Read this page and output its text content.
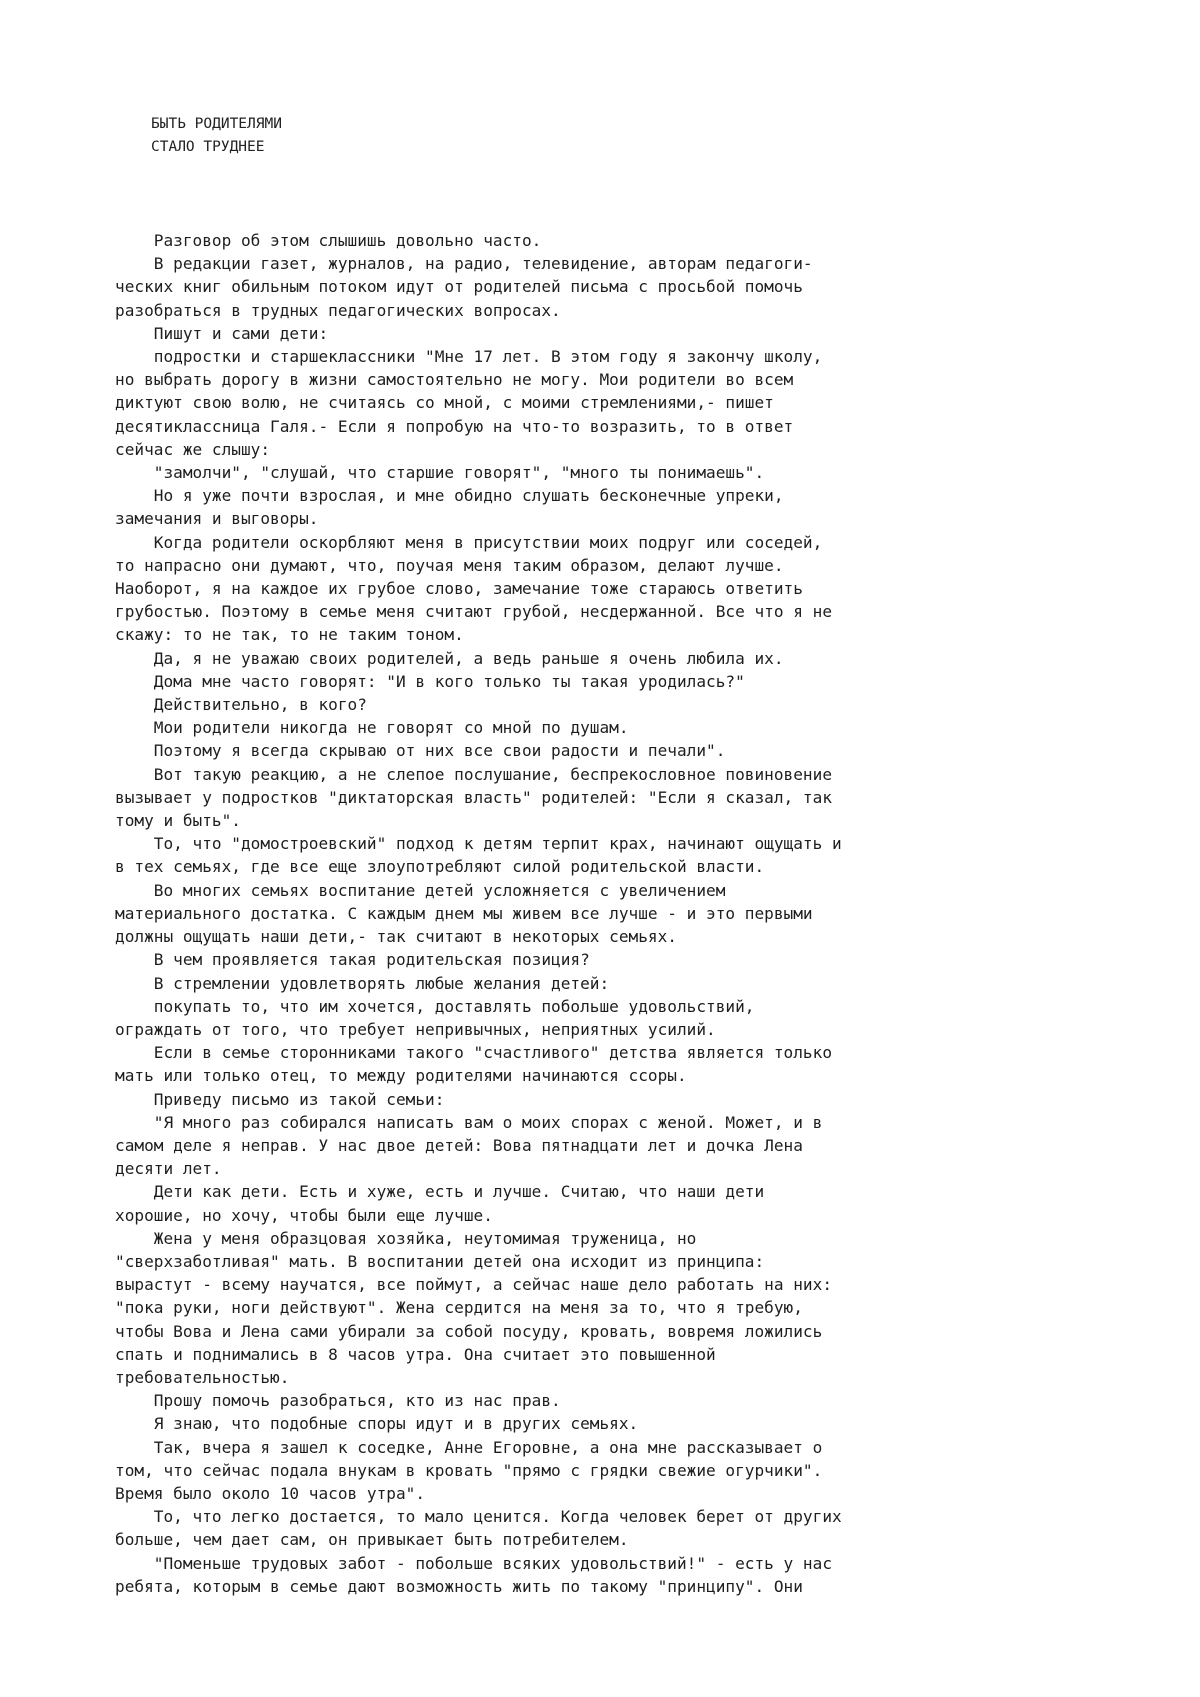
БЫТЬ РОДИТЕЛЯМИ
СТАЛО ТРУДНЕЕ
Разговор об этом слышишь довольно часто.
В редакции газет, журналов, на радио, телевидение, авторам педагоги-
ческих книг обильным потоком идут от родителей письма с просьбой помочь
разобраться в трудных педагогических вопросах.
Пишут и сами дети:
подростки и старшеклассники "Мне 17 лет. В этом году я закончу школу,
но выбрать дорогу в жизни самостоятельно не могу. Мои родители во всем
диктуют свою волю, не считаясь со мной, с моими стремлениями,- пишет
десятиклассница Галя.- Если я попробую на что-то возразить, то в ответ
сейчас же слышу:
"замолчи", "слушай, что старшие говорят", "много ты понимаешь".
Но я уже почти взрослая, и мне обидно слушать бесконечные упреки,
замечания и выговоры.
Когда родители оскорбляют меня в присутствии моих подруг или соседей,
то напрасно они думают, что, поучая меня таким образом, делают лучше.
Наоборот, я на каждое их грубое слово, замечание тоже стараюсь ответить
грубостью. Поэтому в семье меня считают грубой, несдержанной. Все что я не
скажу: то не так, то не таким тоном.
Да, я не уважаю своих родителей, а ведь раньше я очень любила их.
Дома мне часто говорят: "И в кого только ты такая уродилась?"
Действительно, в кого?
Мои родители никогда не говорят со мной по душам.
Поэтому я всегда скрываю от них все свои радости и печали".
Вот такую реакцию, а не слепое послушание, беспрекословное повиновение
вызывает у подростков "диктаторская власть" родителей: "Если я сказал, так
тому и быть".
То, что "домостроевский" подход к детям терпит крах, начинают ощущать и
в тех семьях, где все еще злоупотребляют силой родительской власти.
Во многих семьях воспитание детей усложняется с увеличением
материального достатка. С каждым днем мы живем все лучше - и это первыми
должны ощущать наши дети,- так считают в некоторых семьях.
В чем проявляется такая родительская позиция?
В стремлении удовлетворять любые желания детей:
покупать то, что им хочется, доставлять побольше удовольствий,
ограждать от того, что требует непривычных, неприятных усилий.
Если в семье сторонниками такого "счастливого" детства является только
мать или только отец, то между родителями начинаются ссоры.
Приведу письмо из такой семьи:
"Я много раз собирался написать вам о моих спорах с женой. Может, и в
самом деле я неправ. У нас двое детей: Вова пятнадцати лет и дочка Лена
десяти лет.
Дети как дети. Есть и хуже, есть и лучше. Считаю, что наши дети
хорошие, но хочу, чтобы были еще лучше.
Жена у меня образцовая хозяйка, неутомимая труженица, но
"сверхзаботливая" мать. В воспитании детей она исходит из принципа:
вырастут - всему научатся, все поймут, а сейчас наше дело работать на них:
"пока руки, ноги действуют". Жена сердится на меня за то, что я требую,
чтобы Вова и Лена сами убирали за собой посуду, кровать, вовремя ложились
спать и поднимались в 8 часов утра. Она считает это повышенной
требовательностью.
Прошу помочь разобраться, кто из нас прав.
Я знаю, что подобные споры идут и в других семьях.
Так, вчера я зашел к соседке, Анне Егоровне, а она мне рассказывает о
том, что сейчас подала внукам в кровать "прямо с грядки свежие огурчики".
Время было около 10 часов утра".
То, что легко достается, то мало ценится. Когда человек берет от других
больше, чем дает сам, он привыкает быть потребителем.
"Поменьше трудовых забот - побольше всяких удовольствий!" - есть у нас
ребята, которым в семье дают возможность жить по такому "принципу". Они
